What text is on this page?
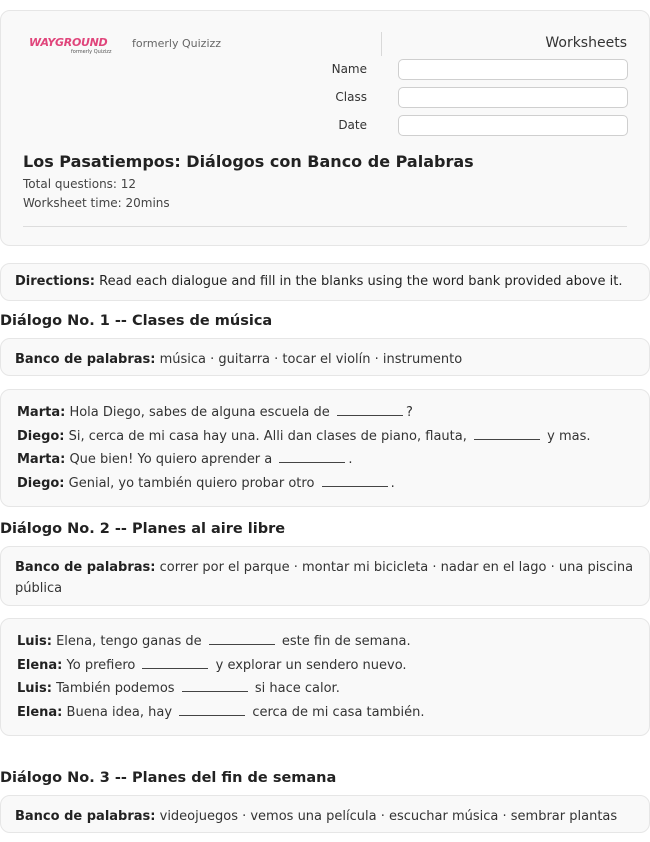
WAYGROUND
formerly Quizizz
formerly Quizizz	Worksheets
Name
Class
Date
Los Pasatiempos: Diálogos con Banco de Palabras
Total questions: 12
Worksheet time: 20mins
Directions: Read each dialogue and fill in the blanks using the word bank provided above it.
Diálogo No. 1 -- Clases de música
Banco de palabras: música · guitarra · tocar el violín · instrumento
Marta: Hola Diego, sabes de alguna escuela de	?
Diego: Si, cerca de mi casa hay una. Alli dan clases de piano, flauta,	y mas.
Marta: Que bien! Yo quiero aprender a	.
Diego: Genial, yo también quiero probar otro	.
Diálogo No. 2 -- Planes al aire libre
Banco de palabras: correr por el parque · montar mi bicicleta · nadar en el lago · una piscina pública
Luis: Elena, tengo ganas de	este fin de semana.
Elena: Yo prefiero	y explorar un sendero nuevo.
Luis: También podemos	si hace calor.
Elena: Buena idea, hay	cerca de mi casa también.
Diálogo No. 3 -- Planes del fin de semana
Banco de palabras: videojuegos · vemos una película · escuchar música · sembrar plantas
